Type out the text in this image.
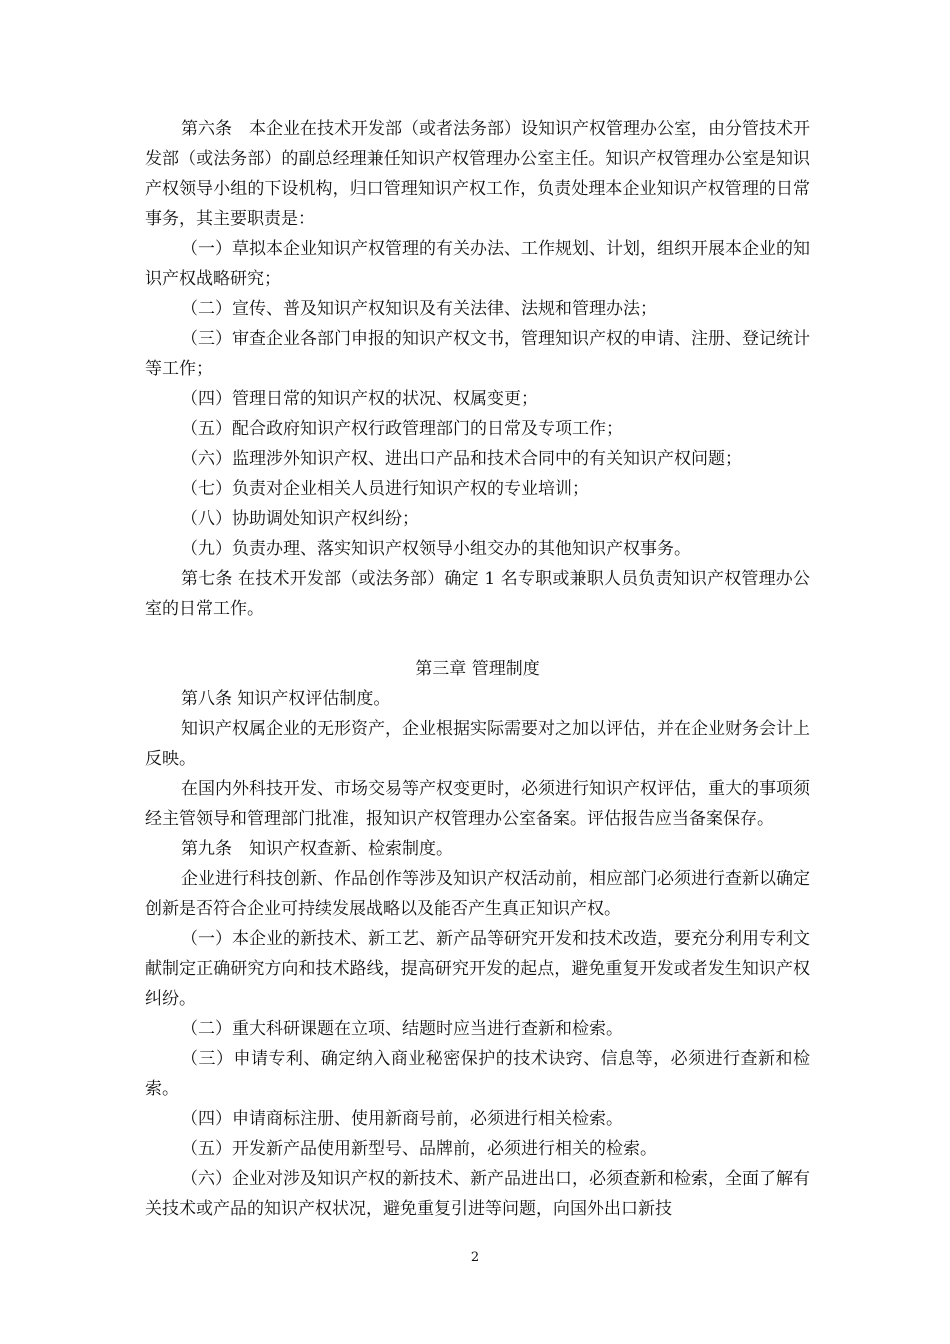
第六条　本企业在技术开发部（或者法务部）设知识产权管理办公室，由分管技术开发部（或法务部）的副总经理兼任知识产权管理办公室主任。知识产权管理办公室是知识产权领导小组的下设机构，归口管理知识产权工作，负责处理本企业知识产权管理的日常事务，其主要职责是：

（一）草拟本企业知识产权管理的有关办法、工作规划、计划，组织开展本企业的知识产权战略研究；

（二）宣传、普及知识产权知识及有关法律、法规和管理办法；

（三）审查企业各部门申报的知识产权文书，管理知识产权的申请、注册、登记统计等工作；

（四）管理日常的知识产权的状况、权属变更；

（五）配合政府知识产权行政管理部门的日常及专项工作；

（六）监理涉外知识产权、进出口产品和技术合同中的有关知识产权问题；

（七）负责对企业相关人员进行知识产权的专业培训；

（八）协助调处知识产权纠纷；

（九）负责办理、落实知识产权领导小组交办的其他知识产权事务。

第七条 在技术开发部（或法务部）确定 1 名专职或兼职人员负责知识产权管理办公室的日常工作。

第三章 管理制度

第八条 知识产权评估制度。

知识产权属企业的无形资产，企业根据实际需要对之加以评估，并在企业财务会计上反映。

在国内外科技开发、市场交易等产权变更时，必须进行知识产权评估，重大的事项须经主管领导和管理部门批准，报知识产权管理办公室备案。评估报告应当备案保存。

第九条　知识产权查新、检索制度。

企业进行科技创新、作品创作等涉及知识产权活动前，相应部门必须进行查新以确定创新是否符合企业可持续发展战略以及能否产生真正知识产权。

（一）本企业的新技术、新工艺、新产品等研究开发和技术改造，要充分利用专利文献制定正确研究方向和技术路线，提高研究开发的起点，避免重复开发或者发生知识产权纠纷。

（二）重大科研课题在立项、结题时应当进行查新和检索。

（三）申请专利、确定纳入商业秘密保护的技术诀窍、信息等，必须进行查新和检索。

（四）申请商标注册、使用新商号前，必须进行相关检索。

（五）开发新产品使用新型号、品牌前，必须进行相关的检索。

（六）企业对涉及知识产权的新技术、新产品进出口，必须查新和检索，全面了解有关技术或产品的知识产权状况，避免重复引进等问题，向国外出口新技

2
